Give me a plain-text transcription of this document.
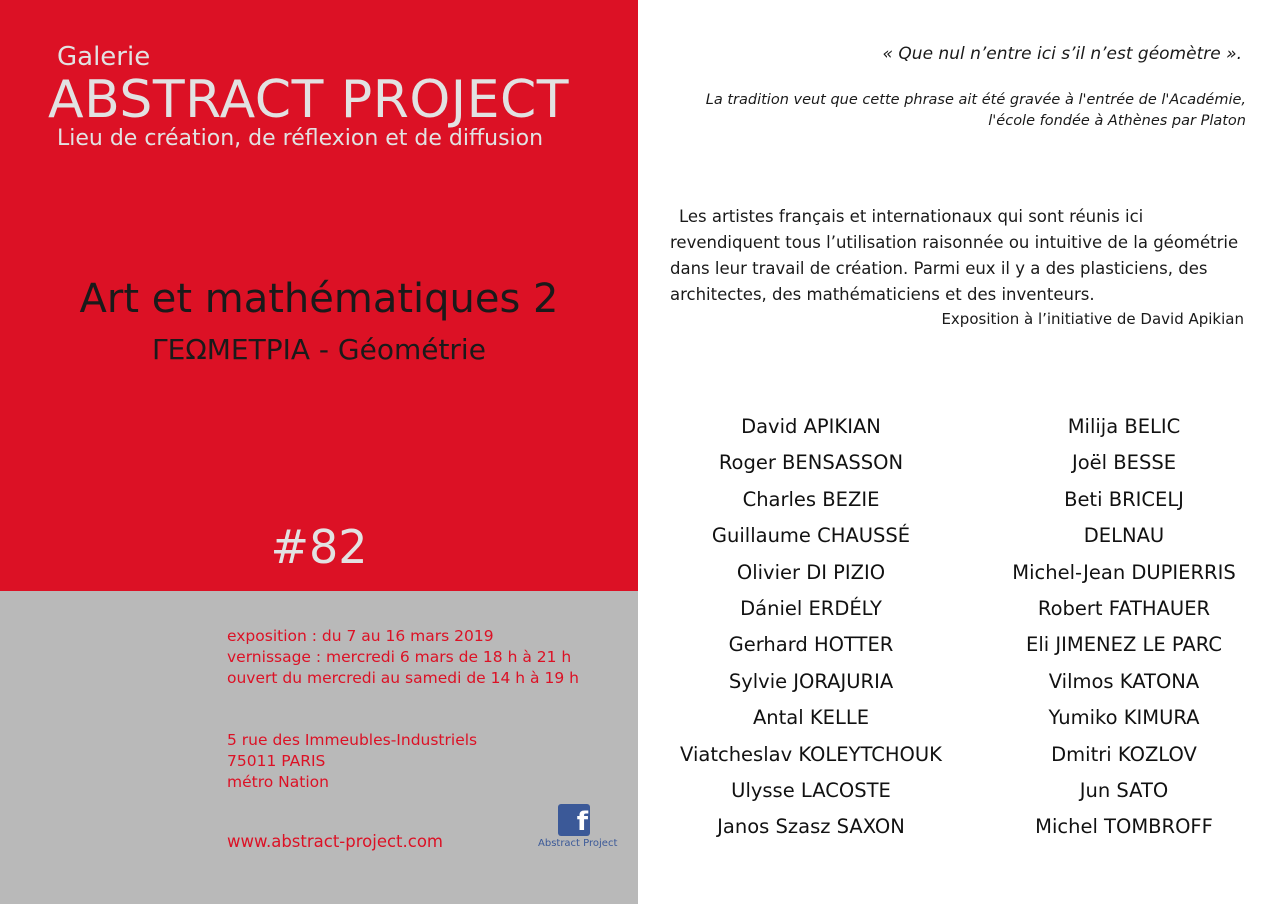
Galerie

ABSTRACT PROJECT

Lieu de création, de réflexion et de diffusion

Art et mathématiques 2

ΓΕΩΜΕΤΡΙΑ - Géométrie

#82

exposition : du 7 au 16 mars 2019
vernissage : mercredi 6 mars de 18 h à 21 h
ouvert du mercredi au samedi de 14 h à 19 h
5 rue des Immeubles-Industriels
75011 PARIS
métro Nation
www.abstract-project.com
f
Abstract Project

« Que nul n’entre ici s’il n’est géomètre ».

La tradition veut que cette phrase ait été gravée à l'entrée de l'Académie,
l'école fondée à Athènes par Platon

Les artistes français et internationaux qui sont réunis ici revendiquent tous l’utilisation raisonnée ou intuitive de la géométrie dans leur travail de création. Parmi eux il y a des plasticiens, des architectes, des mathématiciens et des inventeurs.

Exposition à l’initiative de David Apikian

David APIKIAN
Roger BENSASSON
Charles BEZIE
Guillaume CHAUSSÉ
Olivier DI PIZIO
Dániel ERDÉLY
Gerhard HOTTER
Sylvie JORAJURIA
Antal KELLE
Viatcheslav KOLEYTCHOUK
Ulysse LACOSTE
Janos Szasz SAXON
Milija BELIC
Joël BESSE
Beti BRICELJ
DELNAU
Michel-Jean DUPIERRIS
Robert FATHAUER
Eli JIMENEZ LE PARC
Vilmos KATONA
Yumiko KIMURA
Dmitri KOZLOV
Jun SATO
Michel TOMBROFF
